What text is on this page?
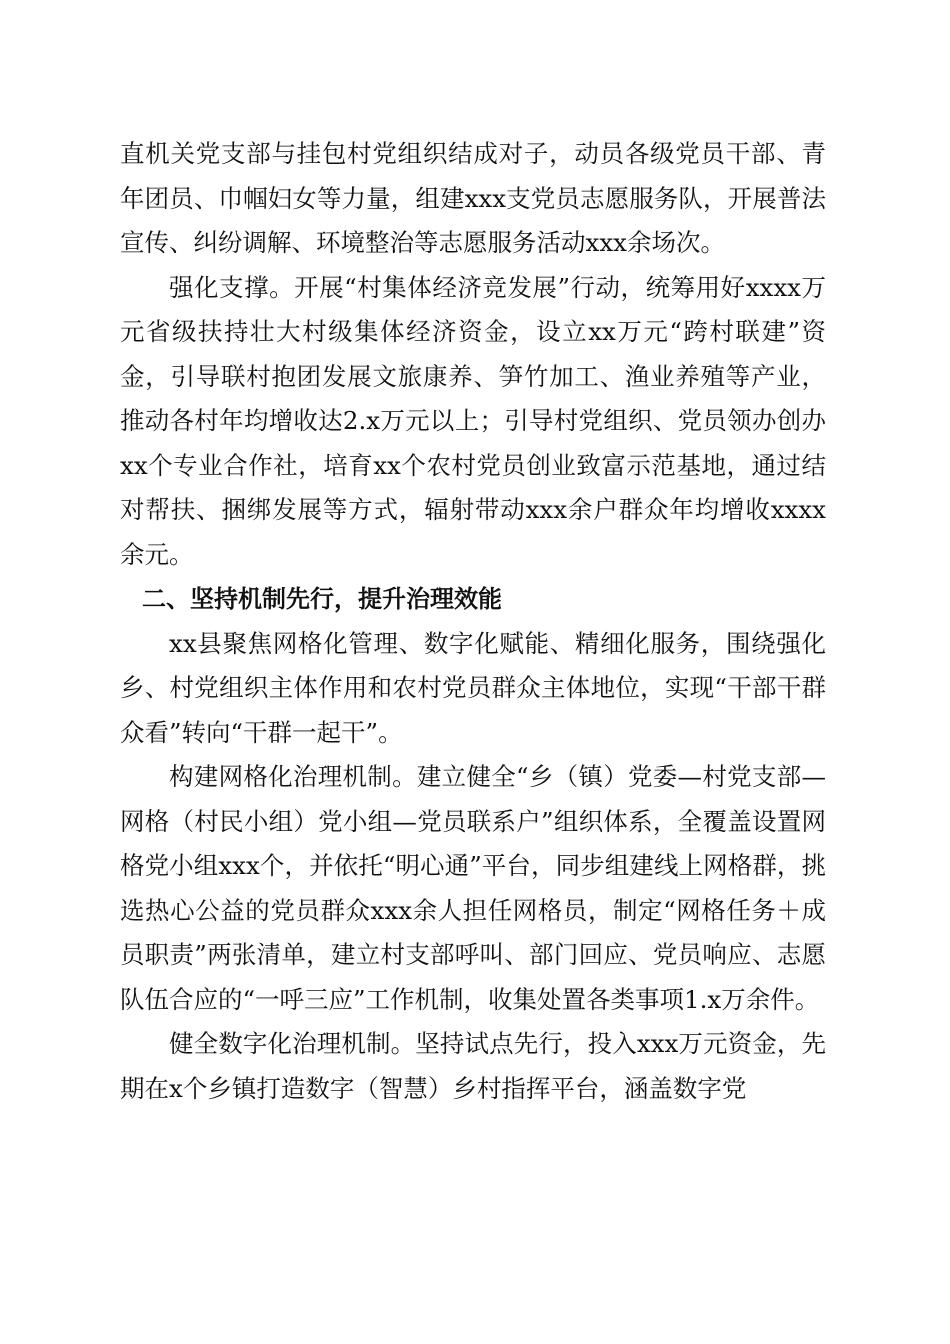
直机关党支部与挂包村党组织结成对子，动员各级党员干部、青年团员、巾帼妇女等力量，组建xxx支党员志愿服务队，开展普法宣传、纠纷调解、环境整治等志愿服务活动xxx余场次。

强化支撑。开展“村集体经济竞发展”行动，统筹用好xxxx万元省级扶持壮大村级集体经济资金，设立xx万元“跨村联建”资金，引导联村抱团发展文旅康养、笋竹加工、渔业养殖等产业，推动各村年均增收达2.x万元以上；引导村党组织、党员领办创办xx个专业合作社，培育xx个农村党员创业致富示范基地，通过结对帮扶、捆绑发展等方式，辐射带动xxx余户群众年均增收xxxx余元。

二、坚持机制先行，提升治理效能

xx县聚焦网格化管理、数字化赋能、精细化服务，围绕强化乡、村党组织主体作用和农村党员群众主体地位，实现“干部干群众看”转向“干群一起干”。

构建网格化治理机制。建立健全“乡（镇）党委—村党支部—网格（村民小组）党小组—党员联系户”组织体系，全覆盖设置网格党小组xxx个，并依托“明心通”平台，同步组建线上网格群，挑选热心公益的党员群众xxx余人担任网格员，制定“网格任务＋成员职责”两张清单，建立村支部呼叫、部门回应、党员响应、志愿队伍合应的“一呼三应”工作机制，收集处置各类事项1.x万余件。

健全数字化治理机制。坚持试点先行，投入xxx万元资金，先期在x个乡镇打造数字（智慧）乡村指挥平台，涵盖数字党
